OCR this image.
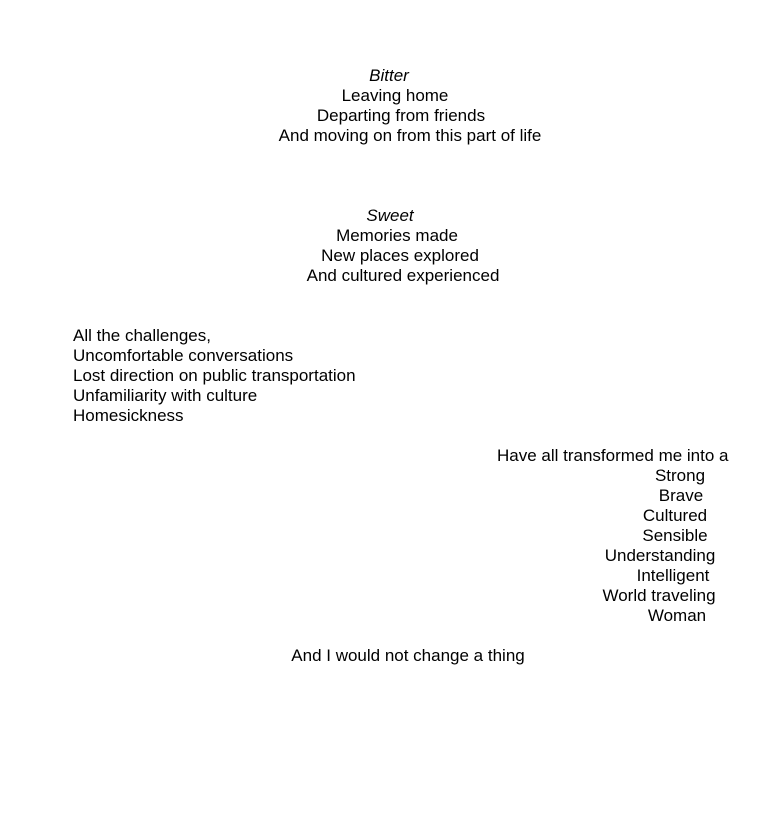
Bitter
Leaving home
Departing from friends
And moving on from this part of life
Sweet
Memories made
New places explored
And cultured experienced
All the challenges,
Uncomfortable conversations
Lost direction on public transportation
Unfamiliarity with culture
Homesickness
Have all transformed me into a
Strong
Brave
Cultured
Sensible
Understanding
Intelligent
World traveling
Woman
And I would not change a thing
